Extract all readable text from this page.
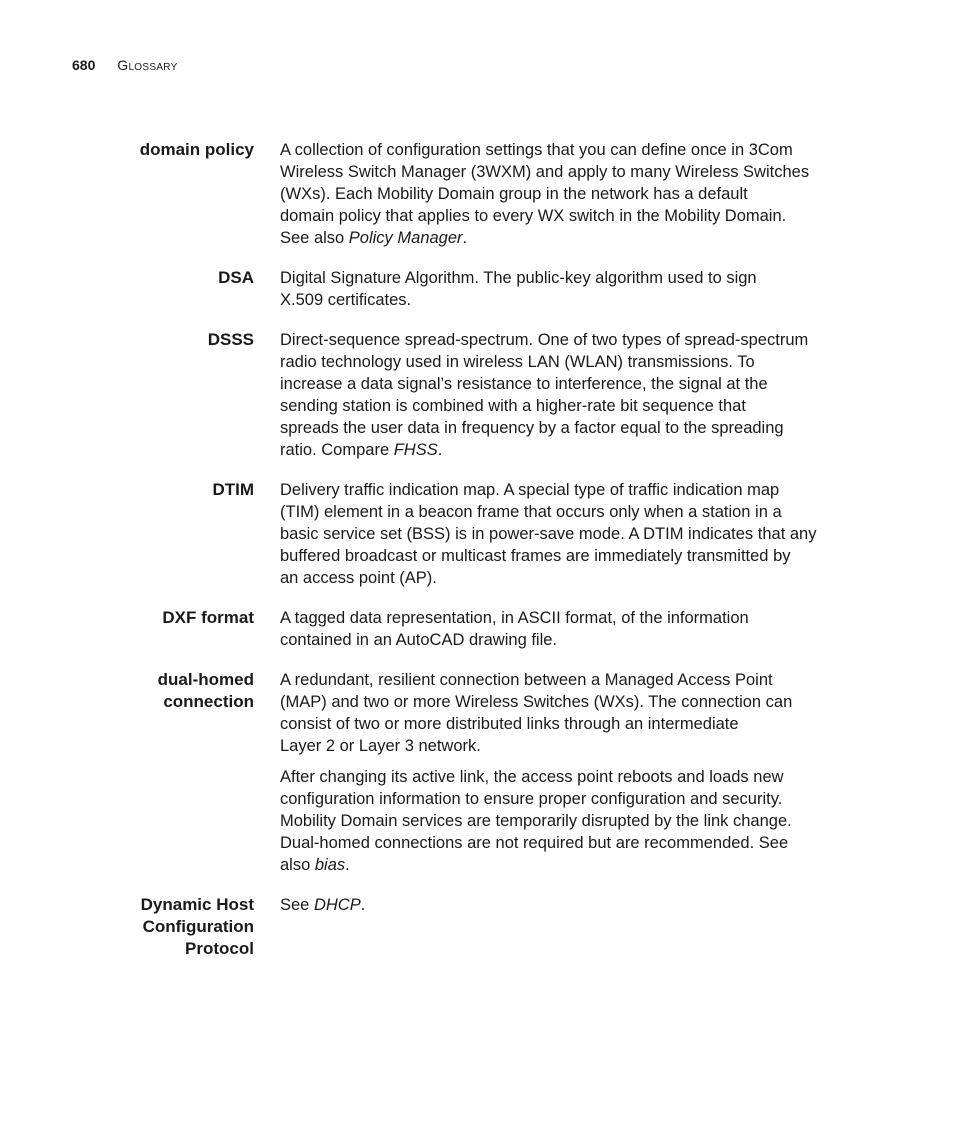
680 Glossary
domain policy A collection of configuration settings that you can define once in 3Com
Wireless Switch Manager (3WXM) and apply to many Wireless Switches
(WXs). Each Mobility Domain group in the network has a default
domain policy that applies to every WX switch in the Mobility Domain.
See also Policy Manager.

DSA Digital Signature Algorithm. The public-key algorithm used to sign
X.509 certificates.

DSSS Direct-sequence spread-spectrum. One of two types of spread-spectrum
radio technology used in wireless LAN (WLAN) transmissions. To
increase a data signal’s resistance to interference, the signal at the
sending station is combined with a higher-rate bit sequence that
spreads the user data in frequency by a factor equal to the spreading
ratio. Compare FHSS.

DTIM Delivery traffic indication map. A special type of traffic indication map
(TIM) element in a beacon frame that occurs only when a station in a
basic service set (BSS) is in power-save mode. A DTIM indicates that any
buffered broadcast or multicast frames are immediately transmitted by
an access point (AP).

DXF format A tagged data representation, in ASCII format, of the information
contained in an AutoCAD drawing file.

dual-homed
connection

A redundant, resilient connection between a Managed Access Point
(MAP) and two or more Wireless Switches (WXs). The connection can
consist of two or more distributed links through an intermediate
Layer 2 or Layer 3 network.

After changing its active link, the access point reboots and loads new
configuration information to ensure proper configuration and security.
Mobility Domain services are temporarily disrupted by the link change.
Dual-homed connections are not required but are recommended. See
also bias.

Dynamic Host
Configuration
Protocol

See DHCP.
